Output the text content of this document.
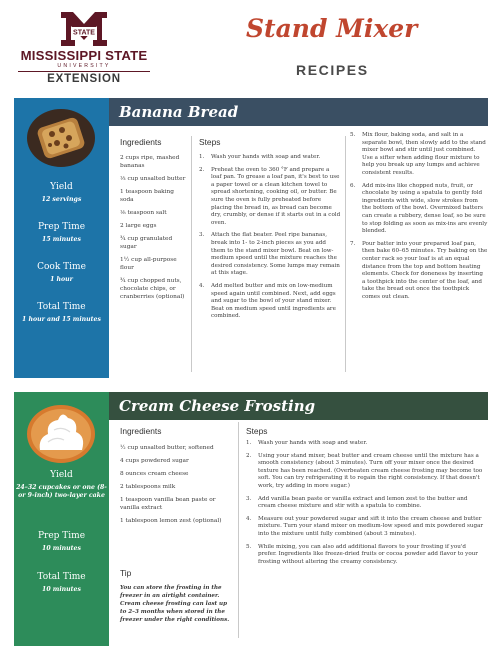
STATE
MISSISSIPPI STATE
UNIVERSITY
EXTENSION
Stand Mixer
RECIPES
Banana Bread
Yield
12 servings
Prep Time
15 minutes
Cook Time
1 hour
Total Time
1 hour and 15 minutes
Ingredients
2 cups ripe, mashed bananas
⅓ cup unsalted butter
1 teaspoon baking soda
⅛ teaspoon salt
2 large eggs
¾ cup granulated sugar
1½ cup all-purpose flour
¾ cup chopped nuts, chocolate chips, or cranberries (optional)
Steps
1.	Wash your hands with soap and water.
2.	Preheat the oven to 360 °F and prepare a loaf pan. To grease a loaf pan, it's best to use a paper towel or a clean kitchen towel to spread shortening, cooking oil, or butter. Be sure the oven is fully preheated before placing the bread in, as bread can become dry, crumbly, or dense if it starts out in a cold oven.
3.	Attach the flat beater. Peel ripe bananas, break into 1- to 2-inch pieces as you add them to the stand mixer bowl. Beat on low-medium speed until the mixture reaches the desired consistency. Some lumps may remain at this stage.
4.	Add melted butter and mix on low-medium speed again until combined. Next, add eggs and sugar to the bowl of your stand mixer. Beat on medium speed until ingredients are combined.
5.	Mix flour, baking soda, and salt in a separate bowl, then slowly add to the stand mixer bowl and stir until just combined. Use a sifter when adding flour mixture to help you break up any lumps and achieve consistent results.
6.	Add mix-ins like chopped nuts, fruit, or chocolate by using a spatula to gently fold ingredients with wide, slow strokes from the bottom of the bowl. Overmixed batters can create a rubbery, dense loaf, so be sure to stop folding as soon as mix-ins are evenly blended.
7.	Pour batter into your prepared loaf pan, then bake 60–65 minutes. Try baking on the center rack so your loaf is at an equal distance from the top and bottom heating elements. Check for doneness by inserting a toothpick into the center of the loaf, and take the bread out once the toothpick comes out clean.
Cream Cheese Frosting
Yield
24–32 cupcakes or one (8- or 9-inch) two-layer cake
Prep Time
10 minutes
Total Time
10 minutes
Ingredients
½ cup unsalted butter, softened
4 cups powdered sugar
8 ounces cream cheese
2 tablespoons milk
1 teaspoon vanilla bean paste or vanilla extract
1 tablespoon lemon zest (optional)
Tip
You can store the frosting in the freezer in an airtight container. Cream cheese frosting can last up to 2–3 months when stored in the freezer under the right conditions.
Steps
1.	Wash your hands with soap and water.
2.	Using your stand mixer, beat butter and cream cheese until the mixture has a smooth consistency (about 3 minutes). Turn off your mixer once the desired texture has been reached. (Overbeaten cream cheese frosting may become too soft. You can try refrigerating it to regain the right consistency. If that doesn't work, try adding in more sugar.)
3.	Add vanilla bean paste or vanilla extract and lemon zest to the butter and cream cheese mixture and stir with a spatula to combine.
4.	Measure out your powdered sugar and sift it into the cream cheese and butter mixture. Turn your stand mixer on medium-low speed and mix powdered sugar into the mixture until fully combined (about 3 minutes).
5.	While mixing, you can also add additional flavors to your frosting if you'd prefer. Ingredients like freeze-dried fruits or cocoa powder add flavor to your frosting without altering the creamy consistency.
